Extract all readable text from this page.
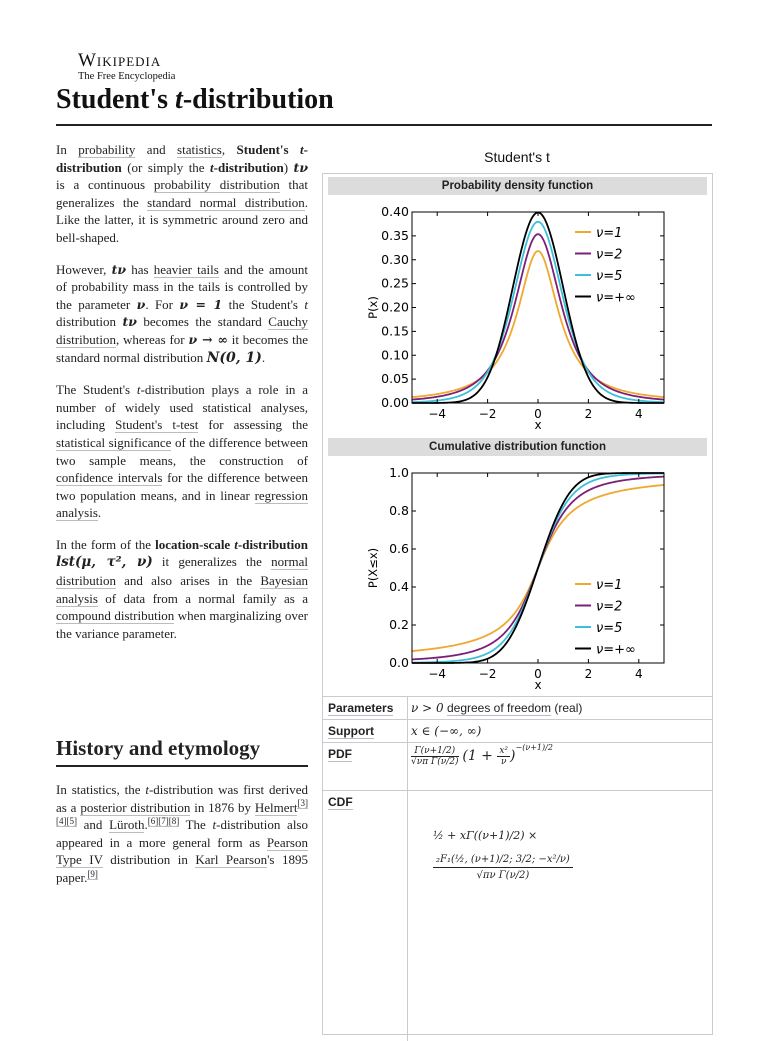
Wikipedia
The Free Encyclopedia
Student's t-distribution

In probability and statistics, Student's t-distribution (or simply the t-distribution) tν is a continuous probability distribution that generalizes the standard normal distribution. Like the latter, it is symmetric around zero and bell-shaped.

However, tν has heavier tails and the amount of probability mass in the tails is controlled by the parameter ν. For ν = 1 the Student's t distribution tν becomes the standard Cauchy distribution, whereas for ν → ∞ it becomes the standard normal distribution N(0, 1).

The Student's t-distribution plays a role in a number of widely used statistical analyses, including Student's t-test for assessing the statistical significance of the difference between two sample means, the construction of confidence intervals for the difference between two population means, and in linear regression analysis.

In the form of the location-scale t-distribution lst(μ, τ², ν) it generalizes the normal distribution and also arises in the Bayesian analysis of data from a normal family as a compound distribution when marginalizing over the variance parameter.

History and etymology

In statistics, the t-distribution was first derived as a posterior distribution in 1876 by Helmert[3][4][5] and Lüroth.[6][7][8] The t-distribution also appeared in a more general form as Pearson Type IV distribution in Karl Pearson's 1895 paper.[9]

Student's t
Probability density function
−4	−2	0	2	4
0.00
0.05
0.10
0.15
0.20
0.25
0.30
0.35
0.40
x
P(x)
ν=1
ν=2
ν=5
ν=+∞
Cumulative distribution function
−4	−2	0	2	4
0.0
0.2
0.4
0.6
0.8
1.0
x
P(X≤x)	ν=1
ν=2
ν=5
ν=+∞
Parameters ν > 0 degrees of freedom (real)
Support	x ∈ (−∞, ∞)
PDF	$\frac{\Gamma(\nu+1/2)}{\text{√νπ Γ(ν/2)}} (1 + \frac{\text{x²}}{\nu} )^{-(\nu+1)/2}$
CDF
½ + xΓ((ν+1)/2) ×
$\frac{\text{₂F₁(½, (ν+1)/2; 3/2; −x²/ν)}}{\text{√πν Γ(ν/2)}}$
